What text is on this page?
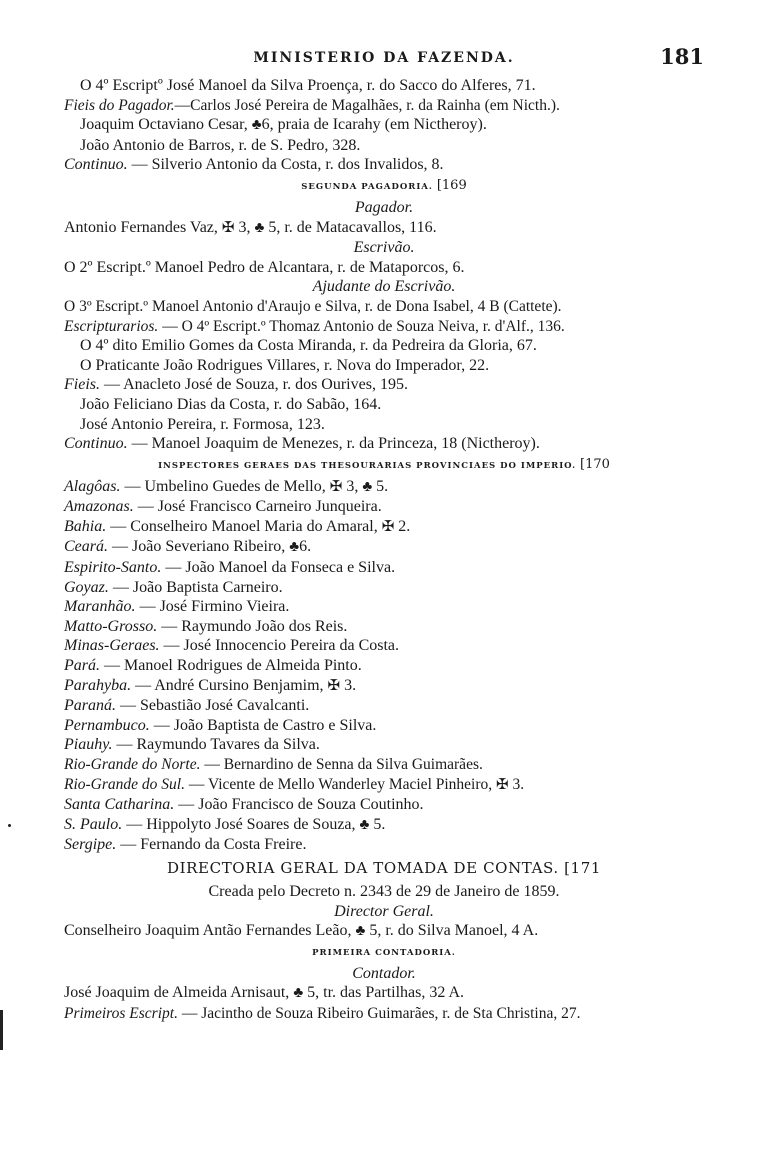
MINISTERIO DA FAZENDA.	181

O 4º Escriptº José Manoel da Silva Proença, r. do Sacco do Alferes, 71.

Fieis do Pagador.—Carlos José Pereira de Magalhães, r. da Rainha (em Nicth.).

Joaquim Octaviano Cesar, ♣6, praia de Icarahy (em Nictheroy).

João Antonio de Barros, r. de S. Pedro, 328.

Continuo. — Silverio Antonio da Costa, r. dos Invalidos, 8.

SEGUNDA PAGADORIA. [169

Pagador.

Antonio Fernandes Vaz, ✠ 3, ♣ 5, r. de Matacavallos, 116.

Escrivão.

O 2º Escript.º Manoel Pedro de Alcantara, r. de Mataporcos, 6.

Ajudante do Escrivão.

O 3º Escript.º Manoel Antonio d'Araujo e Silva, r. de Dona Isabel, 4 B (Cattete).

Escripturarios. — O 4º Escript.º Thomaz Antonio de Souza Neiva, r. d'Alf., 136.

O 4º dito Emilio Gomes da Costa Miranda, r. da Pedreira da Gloria, 67.

O Praticante João Rodrigues Villares, r. Nova do Imperador, 22.

Fieis. — Anacleto José de Souza, r. dos Ourives, 195.

João Feliciano Dias da Costa, r. do Sabão, 164.

José Antonio Pereira, r. Formosa, 123.

Continuo. — Manoel Joaquim de Menezes, r. da Princeza, 18 (Nictheroy).

INSPECTORES GERAES DAS THESOURARIAS PROVINCIAES DO IMPERIO. [170

Alagôas. — Umbelino Guedes de Mello, ✠ 3, ♣ 5.

Amazonas. — José Francisco Carneiro Junqueira.

Bahia. — Conselheiro Manoel Maria do Amaral, ✠ 2.

Ceará. — João Severiano Ribeiro, ♣6.

Espirito-Santo. — João Manoel da Fonseca e Silva.

Goyaz. — João Baptista Carneiro.

Maranhão. — José Firmino Vieira.

Matto-Grosso. — Raymundo João dos Reis.

Minas-Geraes. — José Innocencio Pereira da Costa.

Pará. — Manoel Rodrigues de Almeida Pinto.

Parahyba. — André Cursino Benjamim, ✠ 3.

Paraná. — Sebastião José Cavalcanti.

Pernambuco. — João Baptista de Castro e Silva.

Piauhy. — Raymundo Tavares da Silva.

Rio-Grande do Norte. — Bernardino de Senna da Silva Guimarães.

Rio-Grande do Sul. — Vicente de Mello Wanderley Maciel Pinheiro, ✠ 3.

Santa Catharina. — João Francisco de Souza Coutinho.

S. Paulo. — Hippolyto José Soares de Souza, ♣ 5.

Sergipe. — Fernando da Costa Freire.

DIRECTORIA GERAL DA TOMADA DE CONTAS. [171

Creada pelo Decreto n. 2343 de 29 de Janeiro de 1859.

Director Geral.

Conselheiro Joaquim Antão Fernandes Leão, ♣ 5, r. do Silva Manoel, 4 A.

PRIMEIRA CONTADORIA.

Contador.

José Joaquim de Almeida Arnisaut, ♣ 5, tr. das Partilhas, 32 A.

Primeiros Escript. — Jacintho de Souza Ribeiro Guimarães, r. de Sta Christina, 27.
